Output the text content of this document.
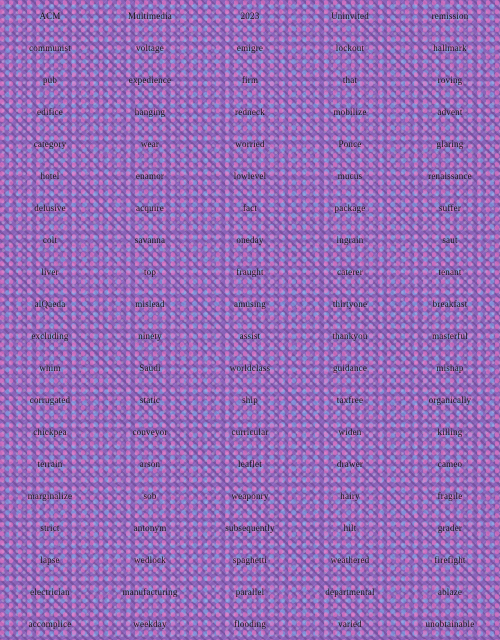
ACM	Multimedia	2023	Uninvited	remission
communist	voltage	emigre	lockout	hallmark
pub	expedience	firm	that	roving
edifice	hanging	redneck	mobilize	advent
category	wear	worried	Ponce	glaring
hotel	enamor	lowlevel	mucus	renaissance
delusive	acquire	fact	package	suffer
colt	savanna	oneday	ingrain	saut
liver	top	fraught	caterer	tenant
alQaeda	mislead	amusing	thirtyone	breakfast
excluding	ninety	assist	thankyou	masterful
whim	Saudi	worldclass	guidance	mishap
corrugated	static	ship	taxfree	organically
chickpea	conveyor	curricular	widen	killing
terrain	arson	leaflet	drawer	cameo
marginalize	sob	weaponry	hairy	fragile
strict	antonym	subsequently	hilt	grader
lapse	wedlock	spaghetti	weathered	firefight
electrician	manufacturing	parallel	departmental	ablaze
accomplice	weekday	flooding	varied	unobtainable
